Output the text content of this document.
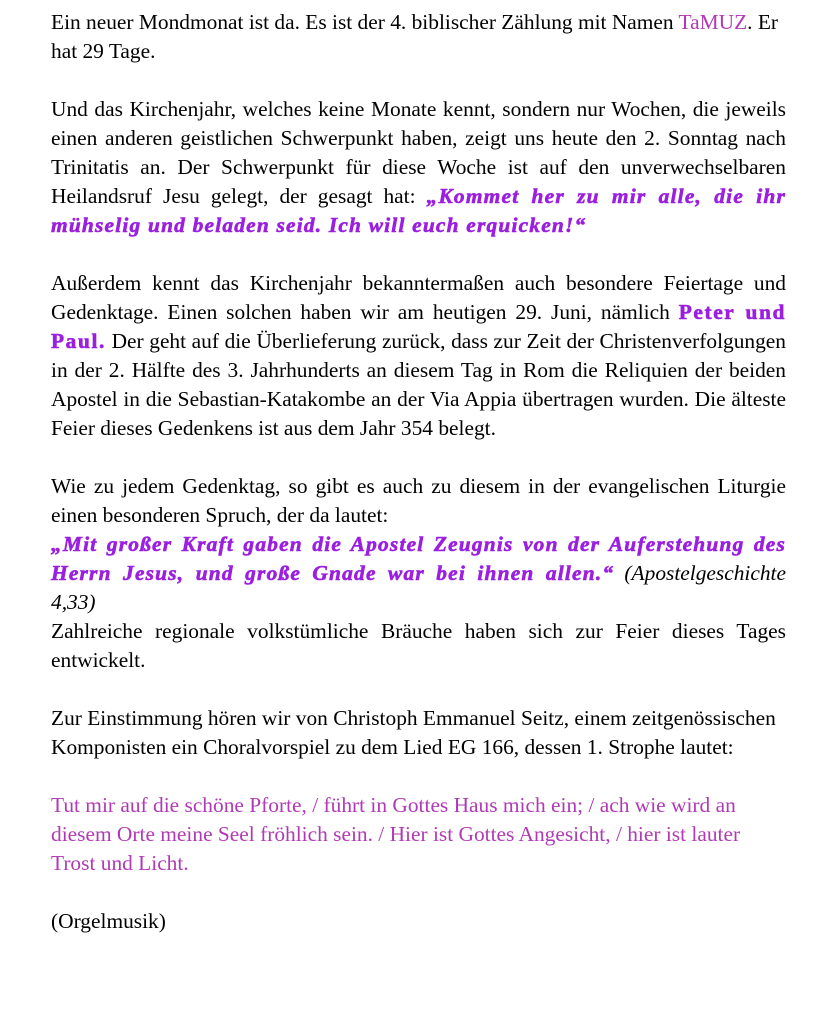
Ein neuer Mondmonat ist da. Es ist der 4. biblischer Zählung mit Namen TaMUZ. Er hat 29 Tage.

Und das Kirchenjahr, welches keine Monate kennt, sondern nur Wochen, die jeweils einen anderen geistlichen Schwerpunkt haben, zeigt uns heute den 2. Sonntag nach Trinitatis an. Der Schwerpunkt für diese Woche ist auf den unverwechselbaren Heilandsruf Jesu gelegt, der gesagt hat: „Kommet her zu mir alle, die ihr mühselig und beladen seid. Ich will euch erquicken!“

Außerdem kennt das Kirchenjahr bekanntermaßen auch besondere Feiertage und Gedenktage. Einen solchen haben wir am heutigen 29. Juni, nämlich Peter und Paul. Der geht auf die Überlieferung zurück, dass zur Zeit der Christenverfolgungen in der 2. Hälfte des 3. Jahrhunderts an diesem Tag in Rom die Reliquien der beiden Apostel in die Sebastian-Katakombe an der Via Appia übertragen wurden. Die älteste Feier dieses Gedenkens ist aus dem Jahr 354 belegt.

Wie zu jedem Gedenktag, so gibt es auch zu diesem in der evangelischen Liturgie einen besonderen Spruch, der da lautet:
„Mit großer Kraft gaben die Apostel Zeugnis von der Auferstehung des Herrn Jesus, und große Gnade war bei ihnen allen.“ (Apostelgeschichte 4,33)

Zahlreiche regionale volkstümliche Bräuche haben sich zur Feier dieses Tages entwickelt.

Zur Einstimmung hören wir von Christoph Emmanuel Seitz, einem zeitgenössischen Komponisten ein Choralvorspiel zu dem Lied EG 166, dessen 1. Strophe lautet:

Tut mir auf die schöne Pforte, / führt in Gottes Haus mich ein; / ach wie wird an diesem Orte meine Seel fröhlich sein. / Hier ist Gottes Angesicht, / hier ist lauter Trost und Licht.

(Orgelmusik)
